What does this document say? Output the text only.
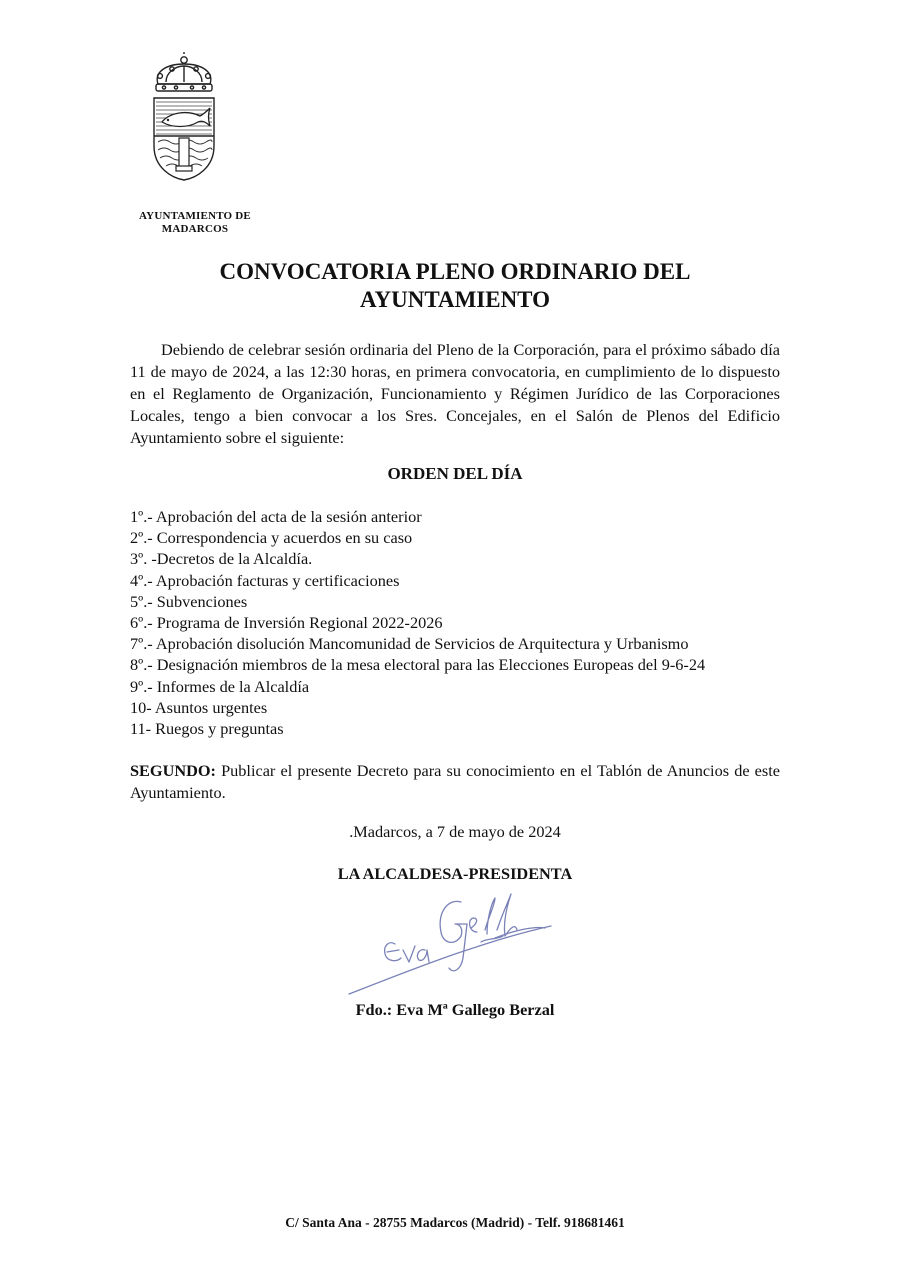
AYUNTAMIENTO DE
MADARCOS
CONVOCATORIA PLENO ORDINARIO DEL
AYUNTAMIENTO

Debiendo de celebrar sesión ordinaria del Pleno de la Corporación, para el próximo sábado día 11 de mayo de 2024, a las 12:30 horas, en primera convocatoria, en cumplimiento de lo dispuesto en el Reglamento de Organización, Funcionamiento y Régimen Jurídico de las Corporaciones Locales, tengo a bien convocar a los Sres. Concejales, en el Salón de Plenos del Edificio Ayuntamiento sobre el siguiente:

ORDEN DEL DÍA
1º.- Aprobación del acta de la sesión anterior
2º.- Correspondencia y acuerdos en su caso
3º. -Decretos de la Alcaldía.
4º.- Aprobación facturas y certificaciones
5º.- Subvenciones
6º.- Programa de Inversión Regional 2022-2026
7º.- Aprobación disolución Mancomunidad de Servicios de Arquitectura y Urbanismo
8º.- Designación miembros de la mesa electoral para las Elecciones Europeas del 9-6-24
9º.- Informes de la Alcaldía
10- Asuntos urgentes
11- Ruegos y preguntas

SEGUNDO: Publicar el presente Decreto para su conocimiento en el Tablón de Anuncios de este Ayuntamiento.

.Madarcos, a 7 de mayo de 2024
LA ALCALDESA-PRESIDENTA
Fdo.: Eva Mª Gallego Berzal
C/ Santa Ana - 28755 Madarcos (Madrid) - Telf. 918681461
